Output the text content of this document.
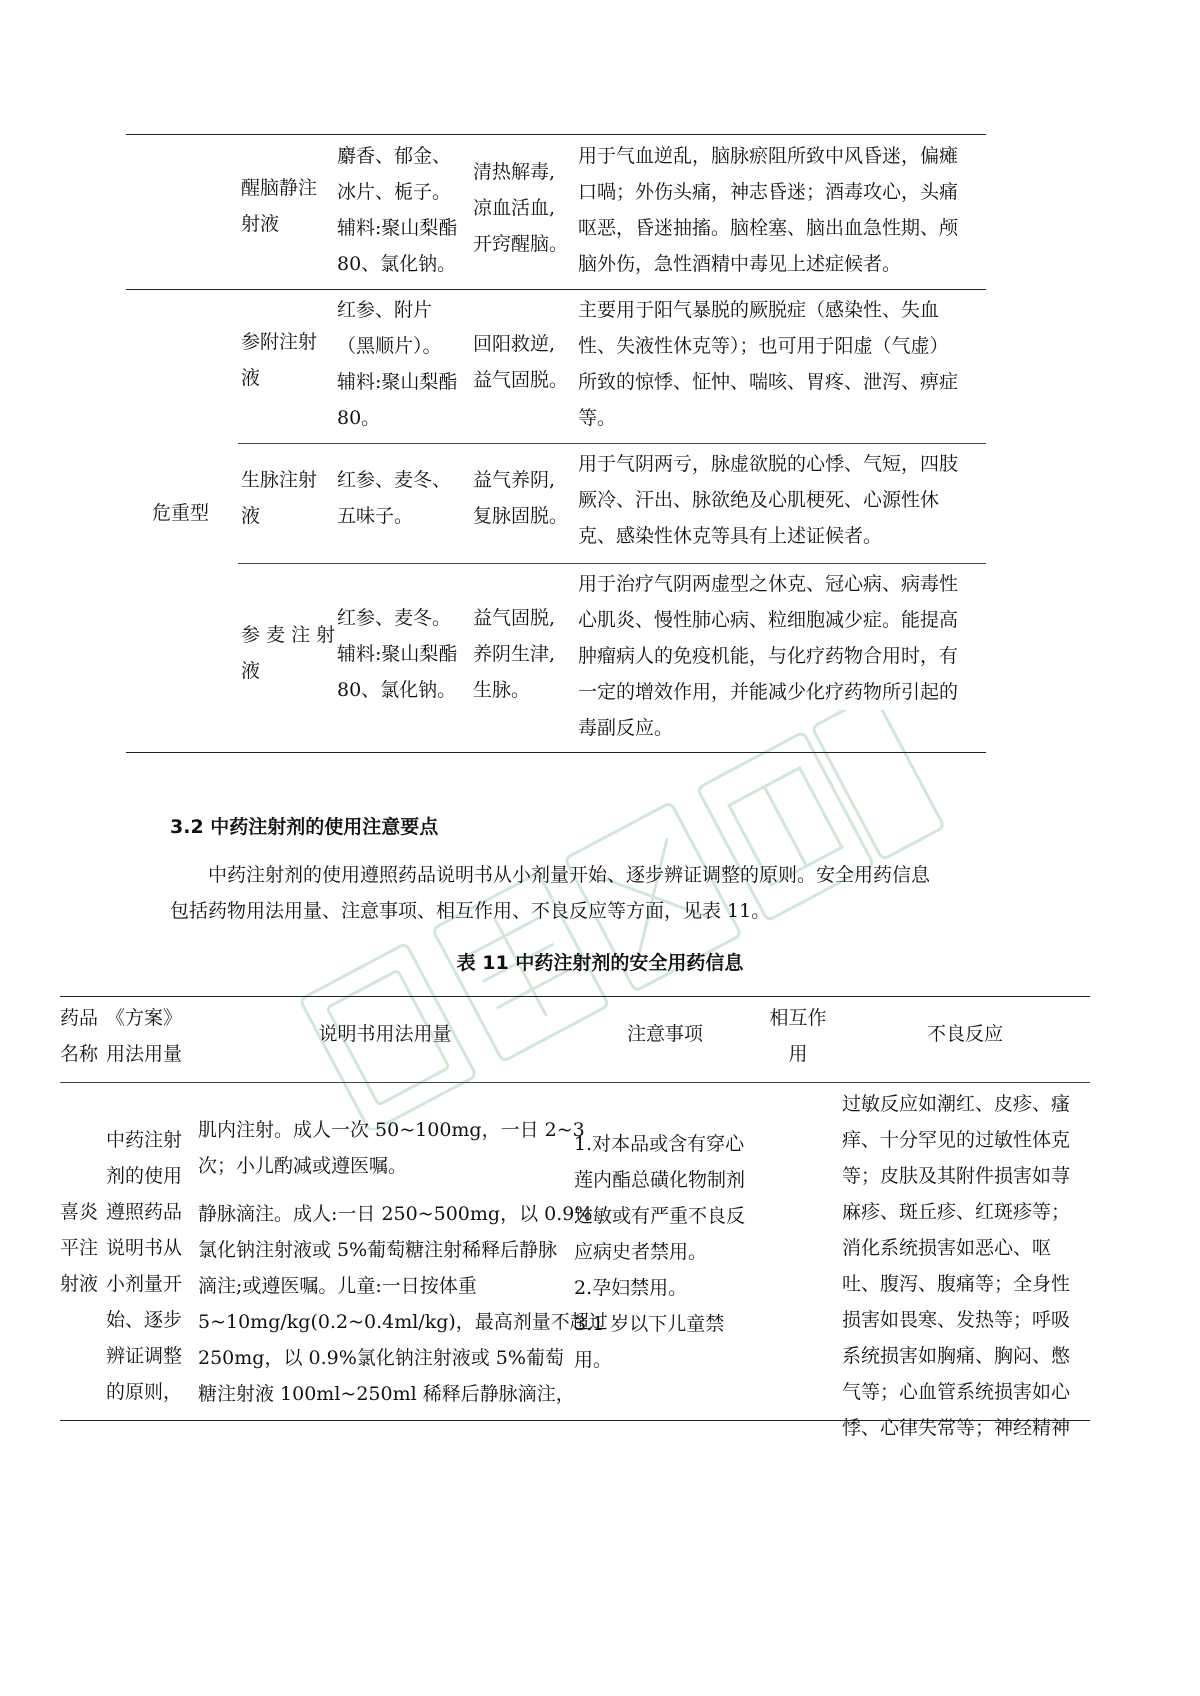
醒脑静注
射液
麝香、郁金、
冰片、栀子。
辅料:聚山梨酯
80、氯化钠。
清热解毒,
凉血活血,
开窍醒脑。
用于气血逆乱，脑脉瘀阻所致中风昏迷，偏瘫
口喎；外伤头痛，神志昏迷；酒毒攻心，头痛
呕恶，昏迷抽搐。脑栓塞、脑出血急性期、颅
脑外伤，急性酒精中毒见上述症候者。
危重型
参附注射
液
红参、附片
（黑顺片）。
辅料:聚山梨酯
80。
回阳救逆,
益气固脱。
主要用于阳气暴脱的厥脱症（感染性、失血
性、失液性休克等）；也可用于阳虚（气虚）
所致的惊悸、怔忡、喘咳、胃疼、泄泻、痹症
等。
生脉注射
液
红参、麦冬、
五味子。
益气养阴,
复脉固脱。
用于气阴两亏，脉虚欲脱的心悸、气短，四肢
厥冷、汗出、脉欲绝及心肌梗死、心源性休
克、感染性休克等具有上述证候者。
参 麦 注 射
液
红参、麦冬。
辅料:聚山梨酯
80、氯化钠。
益气固脱,
养阴生津,
生脉。
用于治疗气阴两虚型之休克、冠心病、病毒性
心肌炎、慢性肺心病、粒细胞减少症。能提高
肿瘤病人的免疫机能，与化疗药物合用时，有
一定的增效作用，并能减少化疗药物所引起的
毒副反应。
3.2 中药注射剂的使用注意要点
中药注射剂的使用遵照药品说明书从小剂量开始、逐步辨证调整的原则。安全用药信息
包括药物用法用量、注意事项、相互作用、不良反应等方面，见表 11。
表 11 中药注射剂的安全用药信息
药品
名称
《方案》
用法用量
说明书用法用量	注意事项
相互作
用
不良反应
喜炎
平注
射液
中药注射
剂的使用
遵照药品
说明书从
小剂量开
始、逐步
辨证调整
的原则，
肌内注射。成人一次 50~100mg，一日 2~3
次；小儿酌减或遵医嘱。
静脉滴注。成人:一日 250~500mg，以 0.9%
氯化钠注射液或 5%葡萄糖注射稀释后静脉
滴注;或遵医嘱。儿童:一日按体重
5~10mg/kg(0.2~0.4ml/kg)，最高剂量不超过
250mg，以 0.9%氯化钠注射液或 5%葡萄
糖注射液 100ml~250ml 稀释后静脉滴注，
1.对本品或含有穿心
莲内酯总磺化物制剂
过敏或有严重不良反
应病史者禁用。
2.孕妇禁用。
3.1 岁以下儿童禁
用。
过敏反应如潮红、皮疹、瘙
痒、十分罕见的过敏性体克
等；皮肤及其附件损害如荨
麻疹、斑丘疹、红斑疹等；
消化系统损害如恶心、呕
吐、腹泻、腹痛等；全身性
损害如畏寒、发热等；呼吸
系统损害如胸痛、胸闷、憋
气等；心血管系统损害如心
悸、心律失常等；神经精神
